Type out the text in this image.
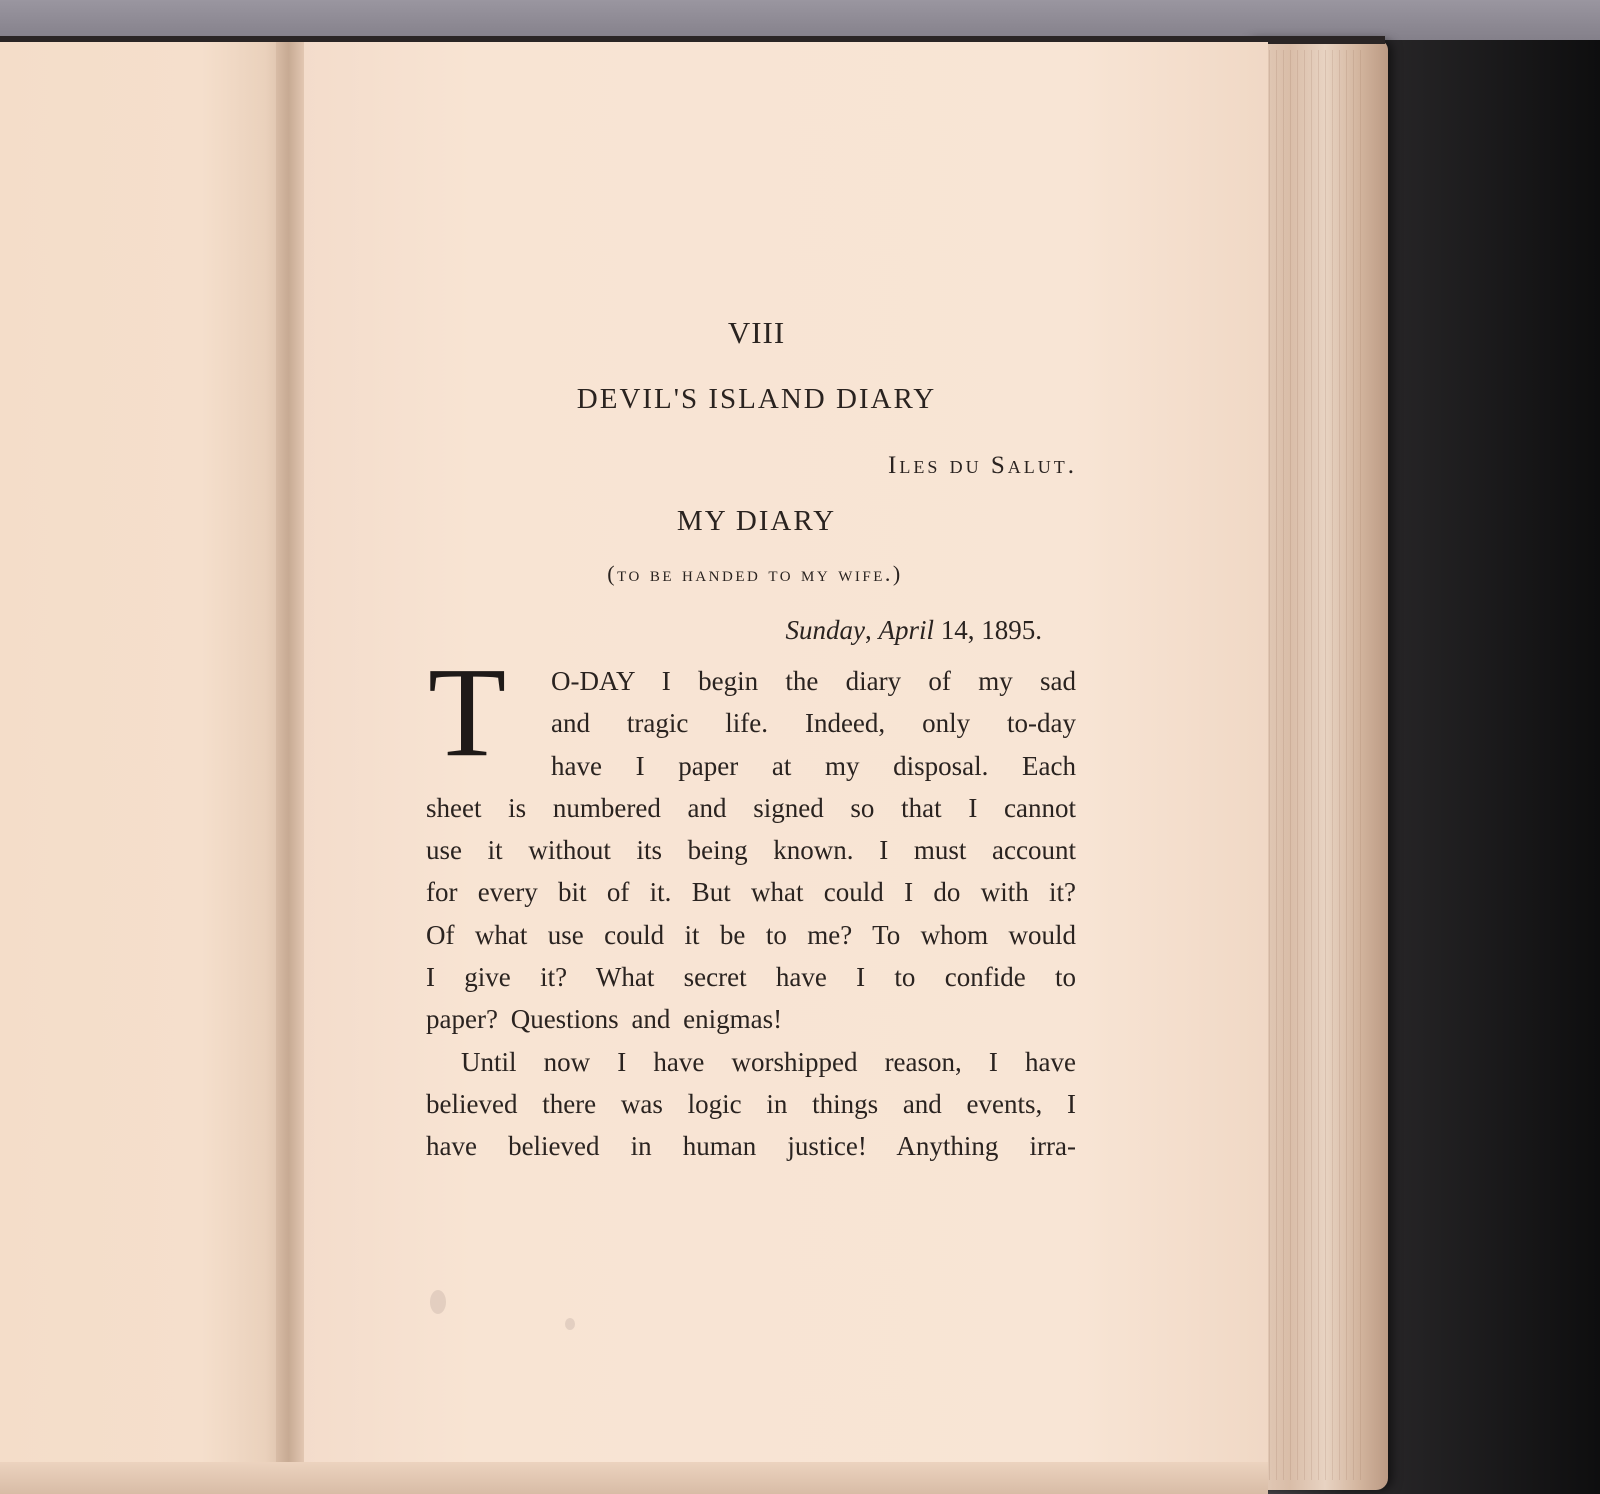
VIII
DEVIL'S ISLAND DIARY
Iles du Salut.
MY DIARY
(to be handed to my wife.)
Sunday, April 14, 1895.
T	O-DAY I begin the diary of my sad
and tragic life. Indeed, only to-day
have I paper at my disposal. Each
sheet is numbered and signed so that I cannot
use it without its being known. I must account
for every bit of it. But what could I do with it?
Of what use could it be to me? To whom would
I give it? What secret have I to confide to
paper? Questions and enigmas!
Until now I have worshipped reason, I have
believed there was logic in things and events, I
have believed in human justice! Anything irra-
